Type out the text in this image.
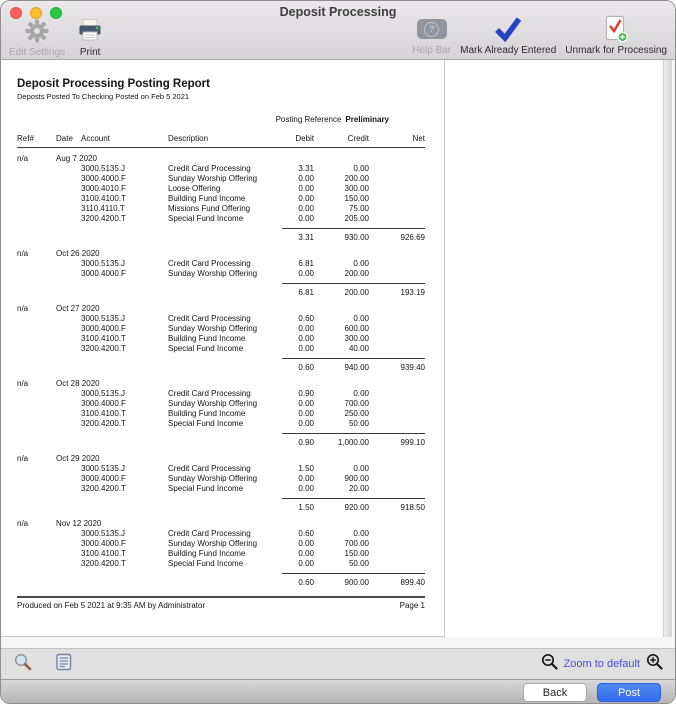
Deposit Processing
Edit Settings Print
?
Help Bar Mark Already Entered Unmark for Processing
Deposit Processing Posting Report
Deposts Posted To Checking Posted on Feb 5 2021
Posting Reference Preliminary
Ref#	Date Account	Description	Debit	Credit	Net
n/a	Aug 7 2020
3000.5135.J	Credit Card Processing	3.31	0.00
3000.4000.F	Sunday Worship Offering	0.00	200.00
3000.4010.F	Loose Offering	0.00	300.00
3100.4100.T	Building Fund Income	0.00	150.00
3110.4110.T	Missions Fund Offering	0.00	75.00
3200.4200.T	Special Fund Income	0.00	205.00
3.31	930.00	926.69
n/a	Oct 26 2020
3000.5135.J	Credit Card Processing	6.81	0.00
3000.4000.F	Sunday Worship Offering	0.00	200.00
6.81	200.00	193.19
n/a	Oct 27 2020
3000.5135.J	Credit Card Processing	0.60	0.00
3000.4000.F	Sunday Worship Offering	0.00	600.00
3100.4100.T	Building Fund Income	0.00	300.00
3200.4200.T	Special Fund Income	0.00	40.00
0.60	940.00	939.40
n/a	Oct 28 2020
3000.5135.J	Credit Card Processing	0.90	0.00
3000.4000.F	Sunday Worship Offering	0.00	700.00
3100.4100.T	Building Fund Income	0.00	250.00
3200.4200.T	Special Fund Income	0.00	50.00
0.90	1,000.00	999.10
n/a	Oct 29 2020
3000.5135.J	Credit Card Processing	1.50	0.00
3000.4000.F	Sunday Worship Offering	0.00	900.00
3200.4200.T	Special Fund Income	0.00	20.00
1.50	920.00	918.50
n/a	Nov 12 2020
3000.5135.J	Credit Card Processing	0.60	0.00
3000.4000.F	Sunday Worship Offering	0.00	700.00
3100.4100.T	Building Fund Income	0.00	150.00
3200.4200.T	Special Fund Income	0.00	50.00
0.60	900.00	899.40
Produced on Feb 5 2021 at 9:35 AM by Administrator	Page 1
Zoom to default
Back	Post
